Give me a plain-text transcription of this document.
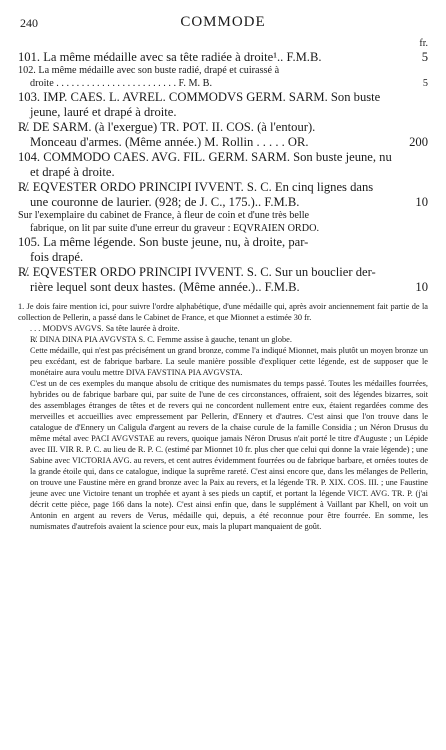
240	COMMODE
fr.
101. La même médaille avec sa tête radiée à droite¹.. F.M.B.	5
102. La même médaille avec son buste radié, drapé et cuirassé à
droite . . . . . . . . . . . . . . . . . . . . . . . . F. M. B.	5
103. IMP. CAES. L. AVREL. COMMODVS GERM. SARM. Son buste
jeune, lauré et drapé à droite.
R̸. DE SARM. (à l'exergue) TR. POT. II. COS. (à l'entour).
Monceau d'armes. (Même année.) M. Rollin . . . . . OR.	200
104. COMMODO CAES. AVG. FIL. GERM. SARM. Son buste jeune, nu
et drapé à droite.
R̸. EQVESTER ORDO PRINCIPI IVVENT. S. C. En cinq lignes dans
une couronne de laurier. (928; de J. C., 175.).. F.M.B.	10
Sur l'exemplaire du cabinet de France, à fleur de coin et d'une très belle
fabrique, on lit par suite d'une erreur du graveur : EQVRAIEN ORDO.
105. La même légende. Son buste jeune, nu, à droite, par-
fois drapé.
R̸. EQVESTER ORDO PRINCIPI IVVENT. S. C. Sur un bouclier der-
rière lequel sont deux hastes. (Même année.).. F.M.B.	10

1. Je dois faire mention ici, pour suivre l'ordre alphabétique, d'une médaille qui, après avoir anciennement fait partie de la collection de Pellerin, a passé dans le Cabinet de France, et que Mionnet a estimée 30 fr.

. . . MODVS AVGVS. Sa tête laurée à droite.

R̸. DINA DINA PIA AVGVSTA S. C. Femme assise à gauche, tenant un globe.

Cette médaille, qui n'est pas précisément un grand bronze, comme l'a indiqué Mionnet, mais plutôt un moyen bronze un peu excédant, est de fabrique barbare. La seule manière possible d'expliquer cette légende, est de supposer que le monétaire aura voulu mettre DIVA FAVSTINA PIA AVGVSTA.

C'est un de ces exemples du manque absolu de critique des numismates du temps passé. Toutes les médailles fourrées, hybrides ou de fabrique barbare qui, par suite de l'une de ces circonstances, offraient, soit des légendes bizarres, soit des assemblages étranges de têtes et de revers qui ne concordent nullement entre eux, étaient regardées comme des merveilles et accueillies avec empressement par Pellerin, d'Ennery et d'autres. C'est ainsi que l'on trouve dans le catalogue de d'Ennery un Caligula d'argent au revers de la chaise curule de la famille Considia ; un Néron Drusus du même métal avec PACI AVGVSTAE au revers, quoique jamais Néron Drusus n'ait porté le titre d'Auguste ; un Lépide avec III. VIR R. P. C. au lieu de R. P. C. (estimé par Mionnet 10 fr. plus cher que celui qui donne la vraie légende) ; une Sabine avec VICTORIA AVG. au revers, et cent autres évidemment fourrées ou de fabrique barbare, et ornées toutes de la grande étoile qui, dans ce catalogue, indique la suprême rareté. C'est ainsi encore que, dans les mélanges de Pellerin, on trouve une Faustine mère en grand bronze avec la Paix au revers, et la légende TR. P. XIX. COS. III. ; une Faustine jeune avec une Victoire tenant un trophée et ayant à ses pieds un captif, et portant la légende VICT. AVG. TR. P. (j'ai décrit cette pièce, page 166 dans la note). C'est ainsi enfin que, dans le supplément à Vaillant par Khell, on voit un Antonin en argent au revers de Verus, médaille qui, depuis, a été reconnue pour être fourrée. En somme, les numismates d'autrefois avaient la science pour eux, mais la plupart manquaient de goût.
